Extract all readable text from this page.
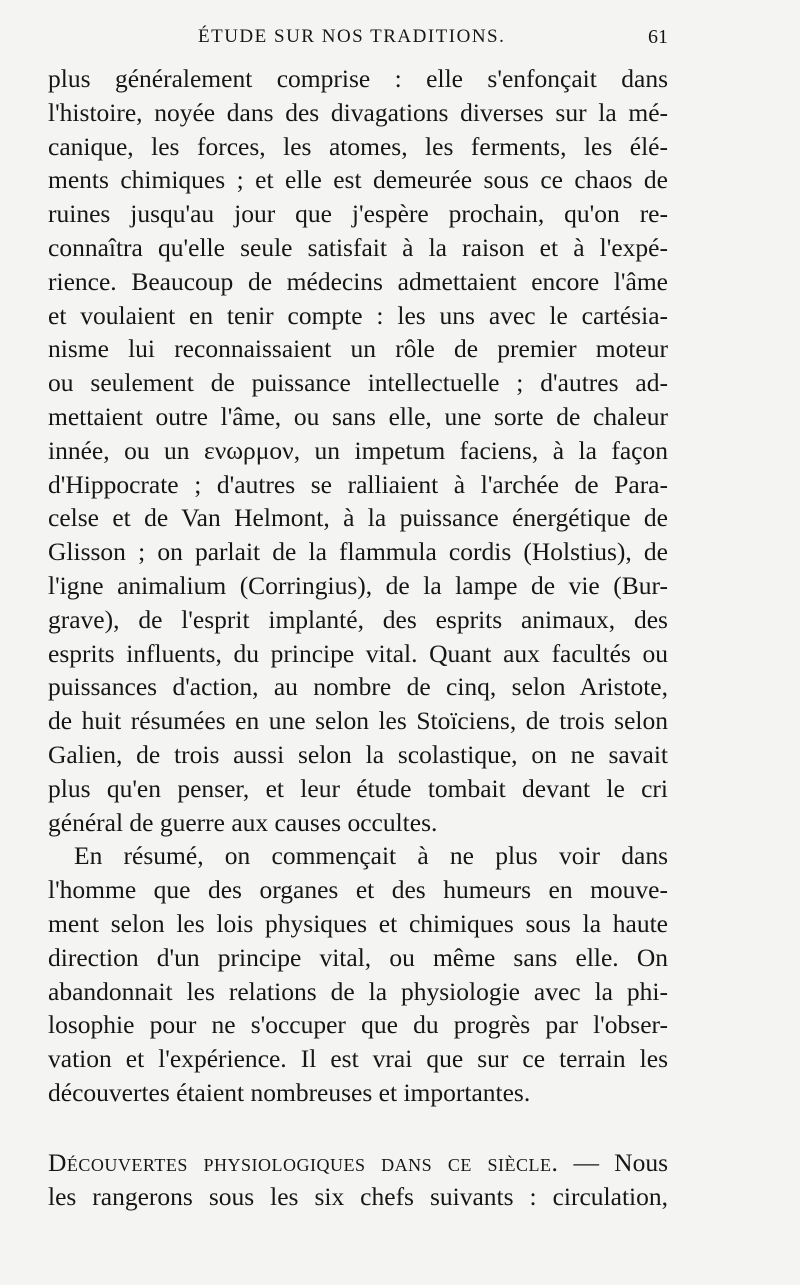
ÉTUDE SUR NOS TRADITIONS.	61
plus généralement comprise : elle s'enfonçait dans
l'histoire, noyée dans des divagations diverses sur la mé-
canique, les forces, les atomes, les ferments, les élé-
ments chimiques ; et elle est demeurée sous ce chaos de
ruines jusqu'au jour que j'espère prochain, qu'on re-
connaîtra qu'elle seule satisfait à la raison et à l'expé-
rience. Beaucoup de médecins admettaient encore l'âme
et voulaient en tenir compte : les uns avec le cartésia-
nisme lui reconnaissaient un rôle de premier moteur
ou seulement de puissance intellectuelle ; d'autres ad-
mettaient outre l'âme, ou sans elle, une sorte de chaleur
innée, ou un ενωρμον, un impetum faciens, à la façon
d'Hippocrate ; d'autres se ralliaient à l'archée de Para-
celse et de Van Helmont, à la puissance énergétique de
Glisson ; on parlait de la flammula cordis (Holstius), de
l'igne animalium (Corringius), de la lampe de vie (Bur-
grave), de l'esprit implanté, des esprits animaux, des
esprits influents, du principe vital. Quant aux facultés ou
puissances d'action, au nombre de cinq, selon Aristote,
de huit résumées en une selon les Stoïciens, de trois selon
Galien, de trois aussi selon la scolastique, on ne savait
plus qu'en penser, et leur étude tombait devant le cri
général de guerre aux causes occultes.
En résumé, on commençait à ne plus voir dans
l'homme que des organes et des humeurs en mouve-
ment selon les lois physiques et chimiques sous la haute
direction d'un principe vital, ou même sans elle. On
abandonnait les relations de la physiologie avec la phi-
losophie pour ne s'occuper que du progrès par l'obser-
vation et l'expérience. Il est vrai que sur ce terrain les
découvertes étaient nombreuses et importantes.
Découvertes physiologiques dans ce siècle. — Nous
les rangerons sous les six chefs suivants : circulation,
